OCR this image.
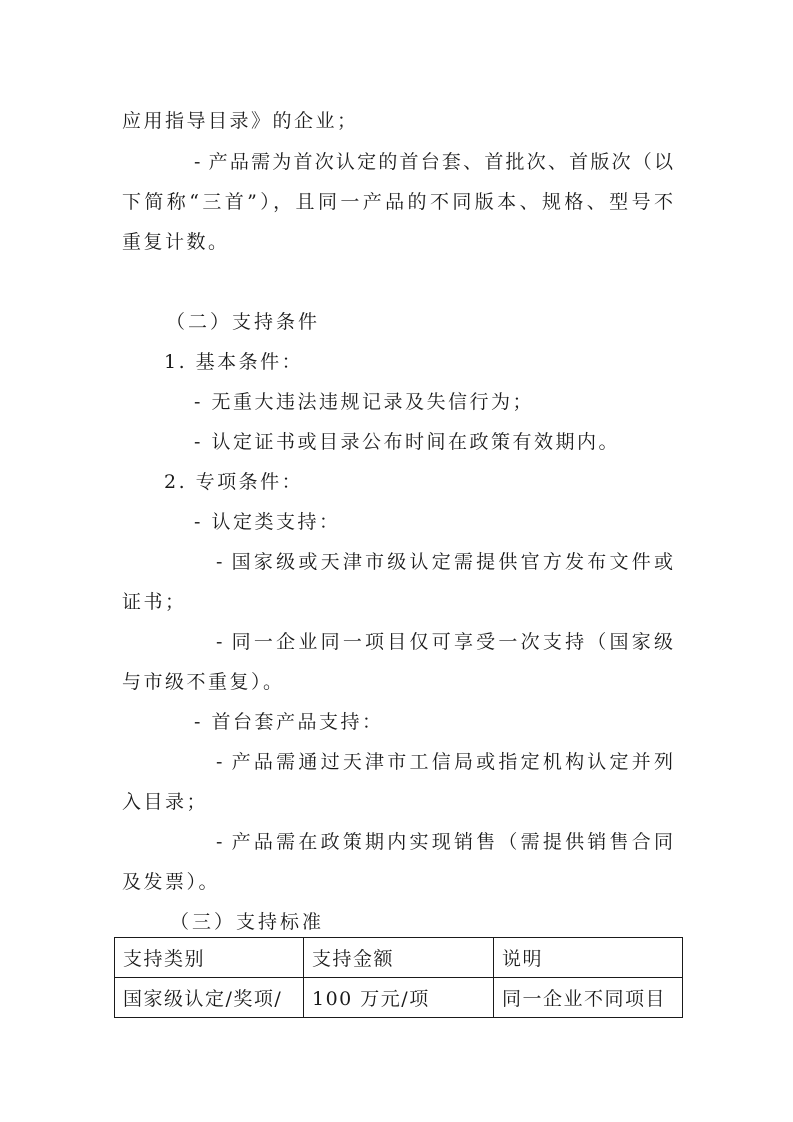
应用指导目录》的企业；
- 产品需为首次认定的首台套、首批次、首版次（以
下简称“三首”），且同一产品的不同版本、规格、型号不
重复计数。
（二）支持条件
1. 基本条件：
- 无重大违法违规记录及失信行为；
- 认定证书或目录公布时间在政策有效期内。
2. 专项条件：
- 认定类支持：
- 国家级或天津市级认定需提供官方发布文件或
证书；
- 同一企业同一项目仅可享受一次支持（国家级
与市级不重复）。
- 首台套产品支持：
- 产品需通过天津市工信局或指定机构认定并列
入目录；
- 产品需在政策期内实现销售（需提供销售合同
及发票）。
（三）支持标准
支持类别	支持金额	说明
国家级认定/奖项/	100 万元/项	同一企业不同项目
